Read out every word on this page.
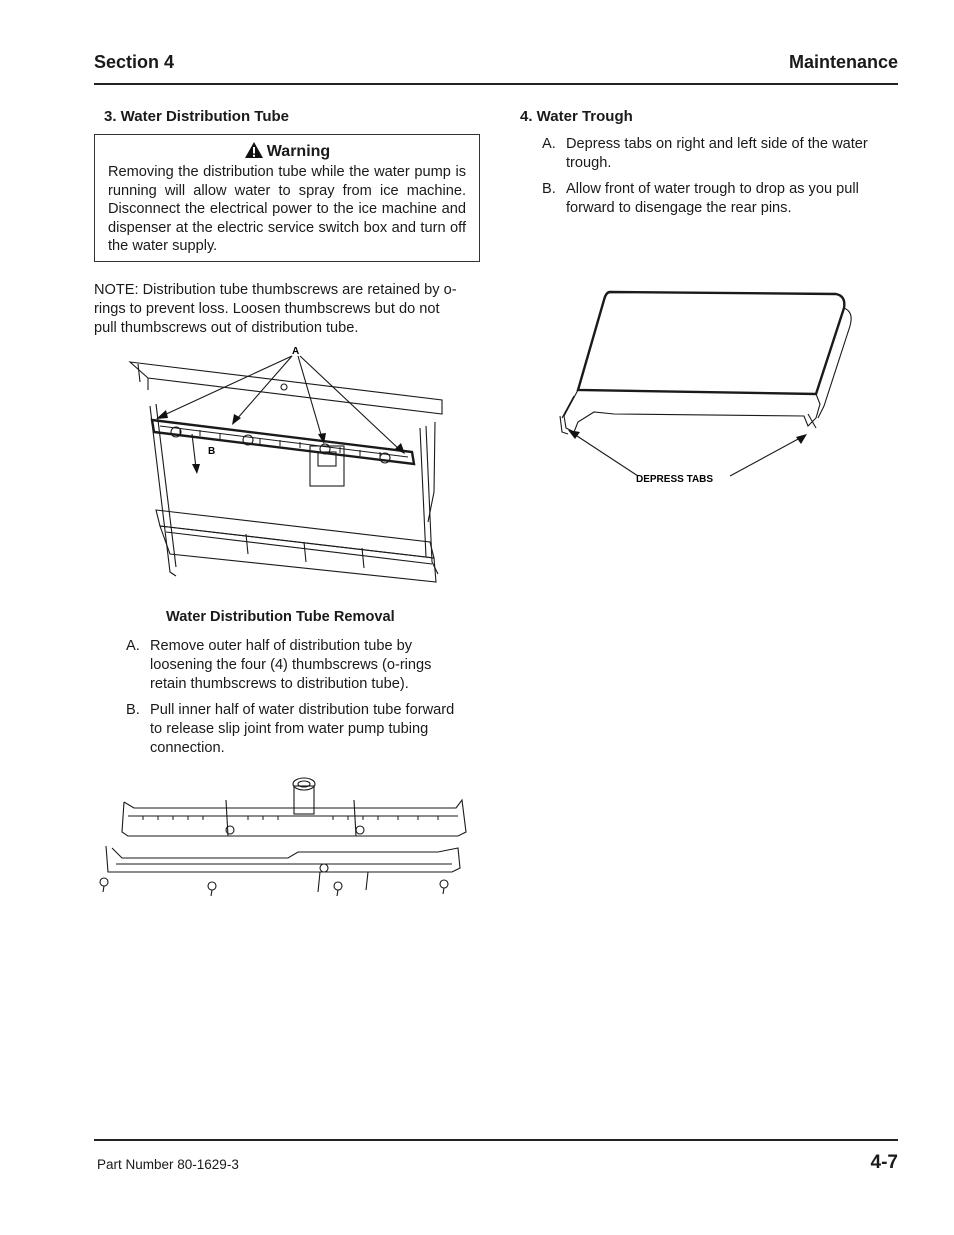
Section 4	Maintenance
3. Water Distribution Tube
Warning
Removing the distribution tube while the water pump is running will allow water to spray from ice machine. Disconnect the electrical power to the ice machine and dispenser at the electric service switch box and turn off the water supply.
NOTE: Distribution tube thumbscrews are retained by o-
rings to prevent loss. Loosen thumbscrews but do not
pull thumbscrews out of distribution tube.
A
B
Water Distribution Tube Removal
A. Remove outer half of distribution tube by
loosening the four (4) thumbscrews (o-rings
retain thumbscrews to distribution tube).
B. Pull inner half of water distribution tube forward
to release slip joint from water pump tubing
connection.
4. Water Trough
A. Depress tabs on right and left side of the water
trough.
B. Allow front of water trough to drop as you pull
forward to disengage the rear pins.
DEPRESS TABS
Part Number 80-1629-3	4-7
